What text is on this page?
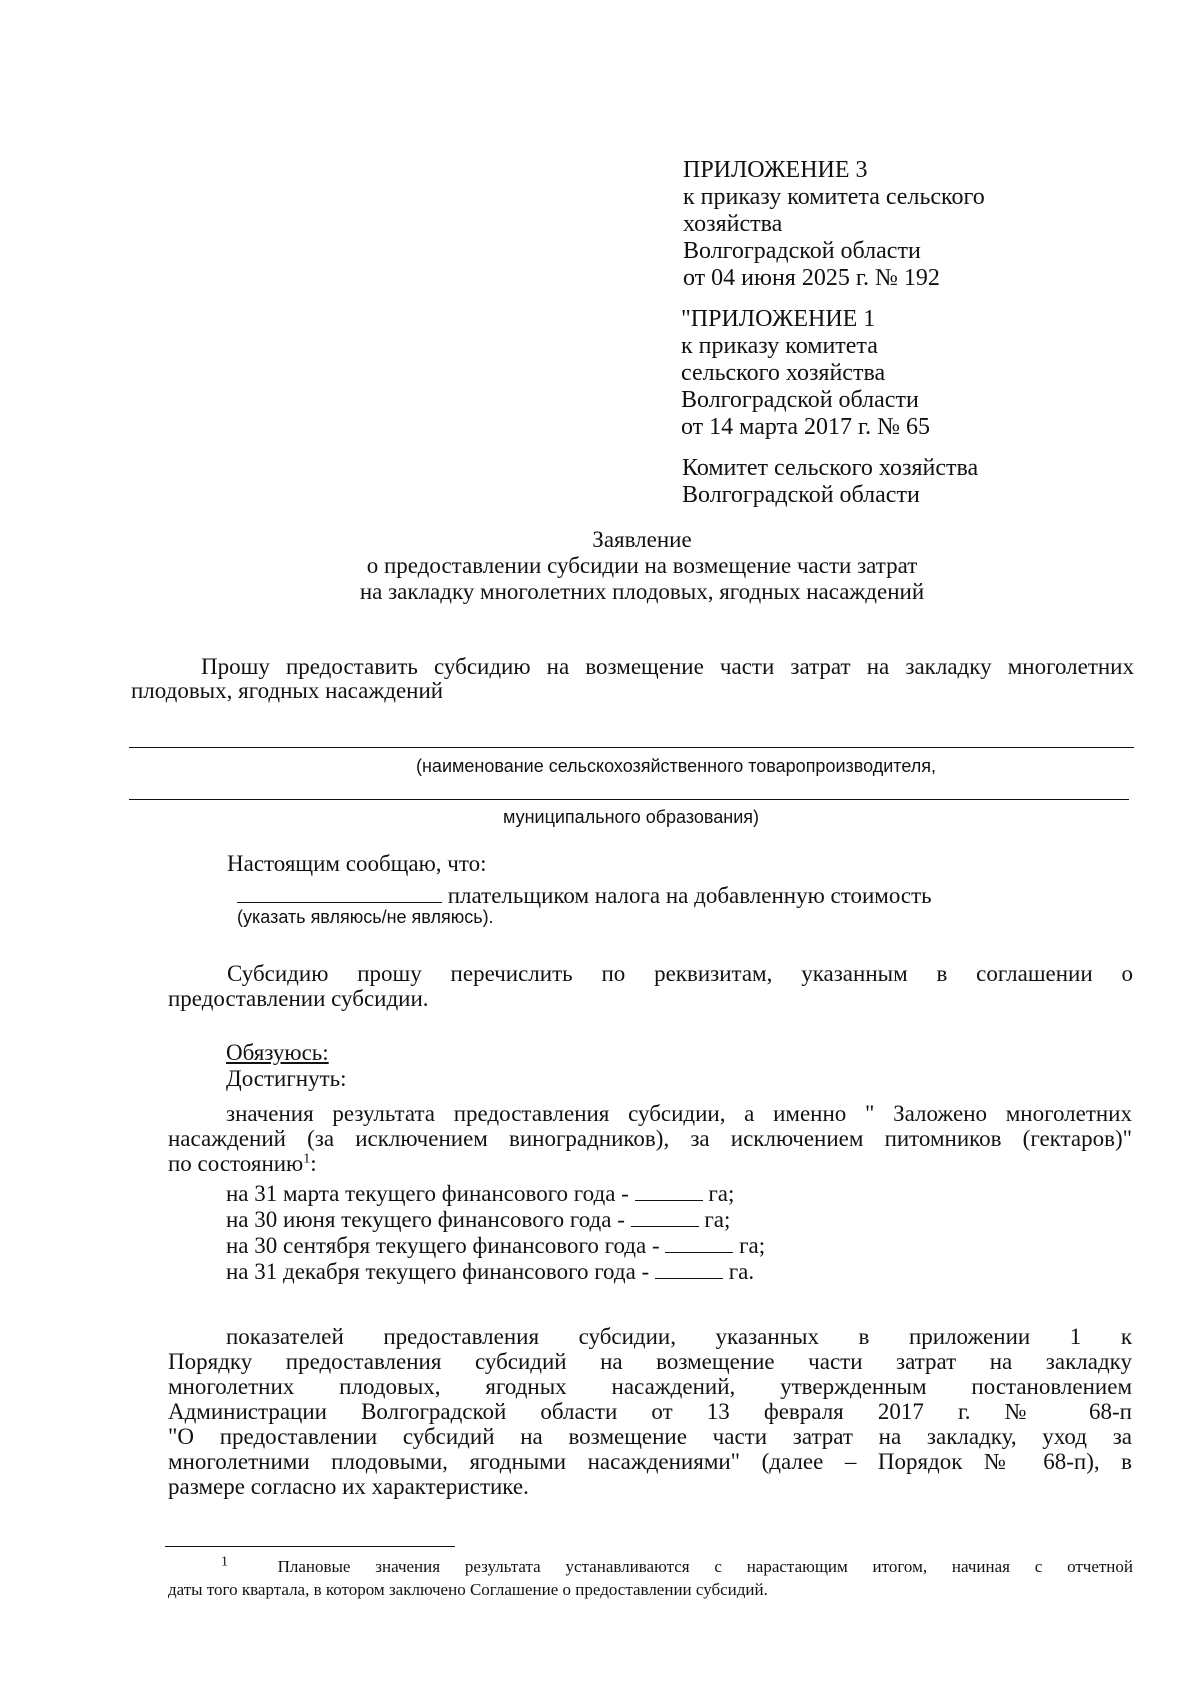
ПРИЛОЖЕНИЕ 3
к приказу комитета сельского
хозяйства
Волгоградской области
от 04 июня 2025 г. № 192
"ПРИЛОЖЕНИЕ 1
к приказу комитета
сельского хозяйства
Волгоградской области
от 14 марта 2017 г. № 65
Комитет сельского хозяйства
Волгоградской области
Заявление
о предоставлении субсидии на возмещение части затрат
на закладку многолетних плодовых, ягодных насаждений
Прошу предоставить субсидию на возмещение части затрат на закладку многолетних
плодовых, ягодных насаждений
(наименование сельскохозяйственного товаропроизводителя,
муниципального образования)
Настоящим сообщаю, что:
плательщиком налога на добавленную стоимость
(указать являюсь/не являюсь).
Субсидию прошу перечислить по реквизитам, указанным в соглашении о
предоставлении субсидии.
Обязуюсь:
Достигнуть:
значения результата предоставления субсидии, а именно " Заложено многолетних
насаждений (за исключением виноградников), за исключением питомников (гектаров)"
по состоянию$^1$:
на 31 марта текущего финансового года -	га;
на 30 июня текущего финансового года -	га;
на 30 сентября текущего финансового года -	га;
на 31 декабря текущего финансового года -	га.
показателей предоставления субсидии, указанных в приложении 1 к
Порядку предоставления субсидий на возмещение части затрат на закладку
многолетних плодовых, ягодных насаждений, утвержденным постановлением
Администрации Волгоградской области от 13 февраля 2017 г. № 68-п
"О предоставлении субсидий на возмещение части затрат на закладку, уход за
многолетними плодовыми, ягодными насаждениями" (далее – Порядок № 68-п), в
размере согласно их характеристике.
$^1$	Плановые значения результата устанавливаются с нарастающим итогом, начиная с отчетной
даты того квартала, в котором заключено Соглашение о предоставлении субсидий.
